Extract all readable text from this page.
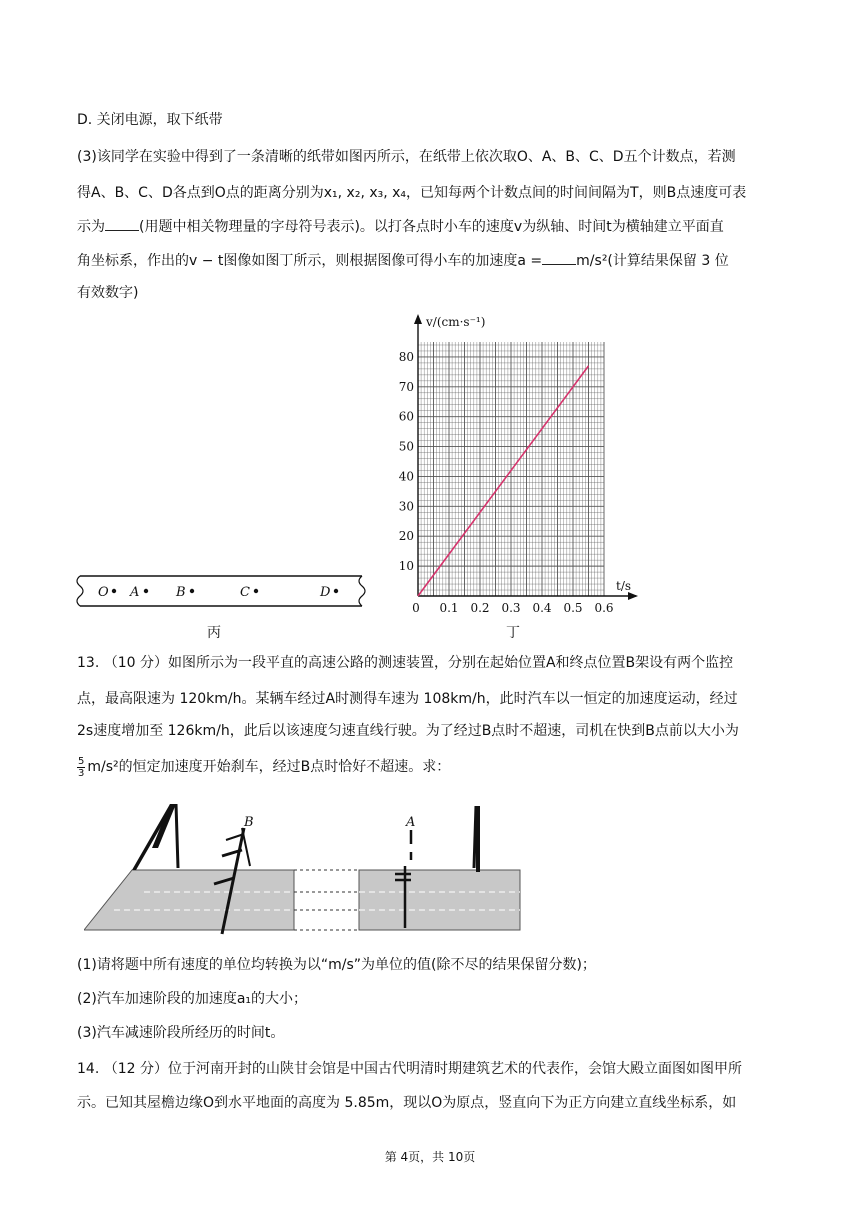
D. 关闭电源，取下纸带
(3)该同学在实验中得到了一条清晰的纸带如图丙所示，在纸带上依次取O、A、B、C、D五个计数点，若测
得A、B、C、D各点到O点的距离分别为x₁, x₂, x₃, x₄，已知每两个计数点间的时间间隔为T，则B点速度可表
示为 (用题中相关物理量的字母符号表示)。以打各点时小车的速度v为纵轴、时间t为横轴建立平面直
角坐标系，作出的v − t图像如图丁所示，则根据图像可得小车的加速度a = m/s²(计算结果保留 3 位
有效数字)
O A	B	C	D
丙
0.1 0.2 0.3 0.4 0.5 0.6
10
20
30
40
50
60
70
80
0
v/(cm·s⁻¹)
t/s
丁
13. （10 分）如图所示为一段平直的高速公路的测速装置，分别在起始位置A和终点位置B架设有两个监控
点，最高限速为 120km/h。某辆车经过A时测得车速为 108km/h，此时汽车以一恒定的加速度运动，经过
2s速度增加至 126km/h，此后以该速度匀速直线行驶。为了经过B点时不超速，司机在快到B点前以大小为
$\frac{5}{3} m/s^2$的恒定加速度开始刹车，经过B点时恰好不超速。求：
B	A
(1)请将题中所有速度的单位均转换为以“m/s”为单位的值(除不尽的结果保留分数)；
(2)汽车加速阶段的加速度a₁的大小；
(3)汽车减速阶段所经历的时间t。
14. （12 分）位于河南开封的山陕甘会馆是中国古代明清时期建筑艺术的代表作，会馆大殿立面图如图甲所
示。已知其屋檐边缘O到水平地面的高度为 5.85m，现以O为原点，竖直向下为正方向建立直线坐标系，如
第 4页，共 10页
